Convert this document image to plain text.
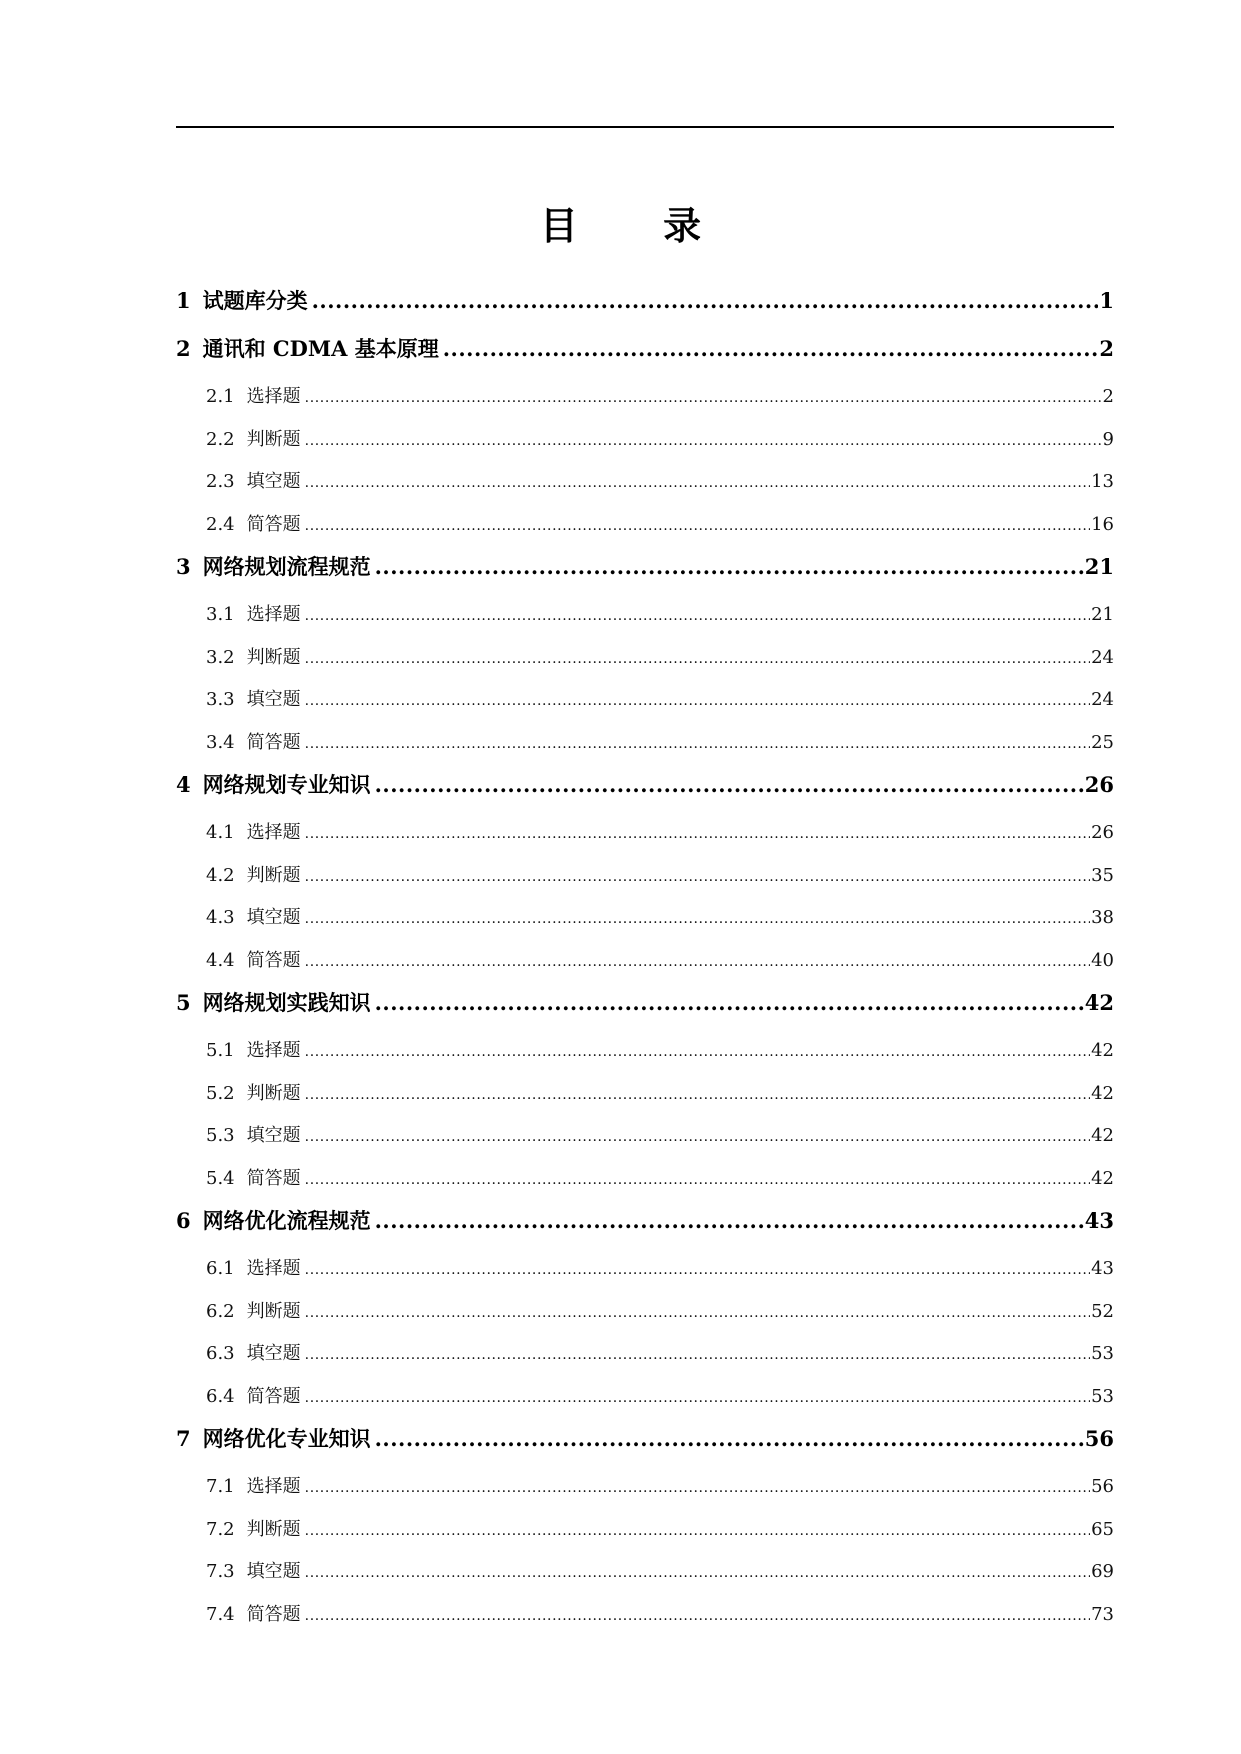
目 录
1 试题库分类 .....	1
2 通讯和 CDMA 基本原理 .....	2
2.1 选择题 .....	2
2.2 判断题 .....	9
2.3 填空题 .....	13
2.4 简答题 .....	16
3 网络规划流程规范 .....	21
3.1 选择题 .....	21
3.2 判断题 .....	24
3.3 填空题 .....	24
3.4 简答题 .....	25
4 网络规划专业知识 .....	26
4.1 选择题 .....	26
4.2 判断题 .....	35
4.3 填空题 .....	38
4.4 简答题 .....	40
5 网络规划实践知识 .....	42
5.1 选择题 .....	42
5.2 判断题 .....	42
5.3 填空题 .....	42
5.4 简答题 .....	42
6 网络优化流程规范 .....	43
6.1 选择题 .....	43
6.2 判断题 .....	52
6.3 填空题 .....	53
6.4 简答题 .....	53
7 网络优化专业知识 .....	56
7.1 选择题 .....	56
7.2 判断题 .....	65
7.3 填空题 .....	69
7.4 简答题 .....	73
